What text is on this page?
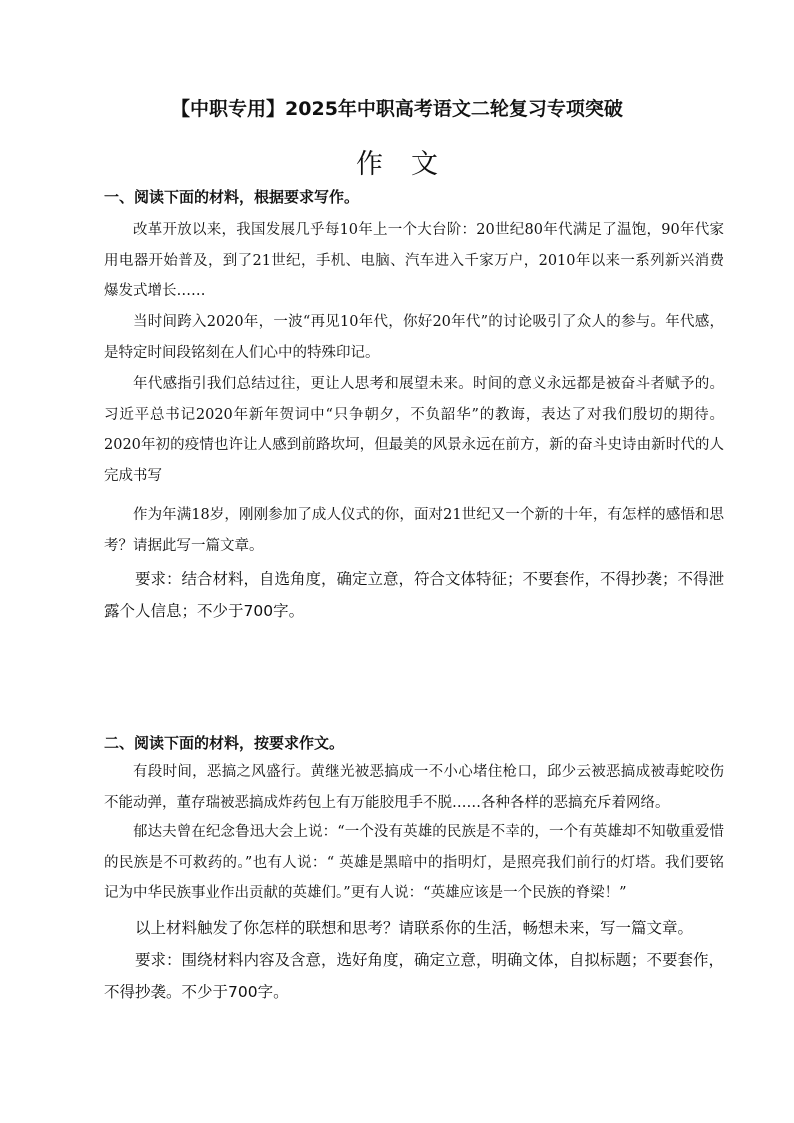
【中职专用】2025年中职高考语文二轮复习专项突破
作文
一、阅读下面的材料，根据要求写作。

改革开放以来，我国发展几乎每10年上一个大台阶：20世纪80年代满足了温饱，90年代家用电器开始普及，到了21世纪，手机、电脑、汽车进入千家万户，2010年以来一系列新兴消费爆发式增长……

当时间跨入2020年，一波“再见10年代，你好20年代”的讨论吸引了众人的参与。年代感，是特定时间段铭刻在人们心中的特殊印记。

年代感指引我们总结过往，更让人思考和展望未来。时间的意义永远都是被奋斗者赋予的。习近平总书记2020年新年贺词中“只争朝夕，不负韶华”的教诲，表达了对我们殷切的期待。2020年初的疫情也许让人感到前路坎坷，但最美的风景永远在前方，新的奋斗史诗由新时代的人完成书写

作为年满18岁，刚刚参加了成人仪式的你，面对21世纪又一个新的十年，有怎样的感悟和思考？请据此写一篇文章。

要求：结合材料，自选角度，确定立意，符合文体特征；不要套作，不得抄袭；不得泄露个人信息；不少于700字。

二、阅读下面的材料，按要求作文。

有段时间，恶搞之风盛行。黄继光被恶搞成一不小心堵住枪口，邱少云被恶搞成被毒蛇咬伤不能动弹，董存瑞被恶搞成炸药包上有万能胶甩手不脱……各种各样的恶搞充斥着网络。

郁达夫曾在纪念鲁迅大会上说：“一个没有英雄的民族是不幸的，一个有英雄却不知敬重爱惜的民族是不可救药的。”也有人说：“ 英雄是黑暗中的指明灯，是照亮我们前行的灯塔。我们要铭记为中华民族事业作出贡献的英雄们。”更有人说：“英雄应该是一个民族的脊梁！”

以上材料触发了你怎样的联想和思考？请联系你的生活，畅想未来，写一篇文章。

要求：围绕材料内容及含意，选好角度，确定立意，明确文体，自拟标题；不要套作，不得抄袭。不少于700字。
